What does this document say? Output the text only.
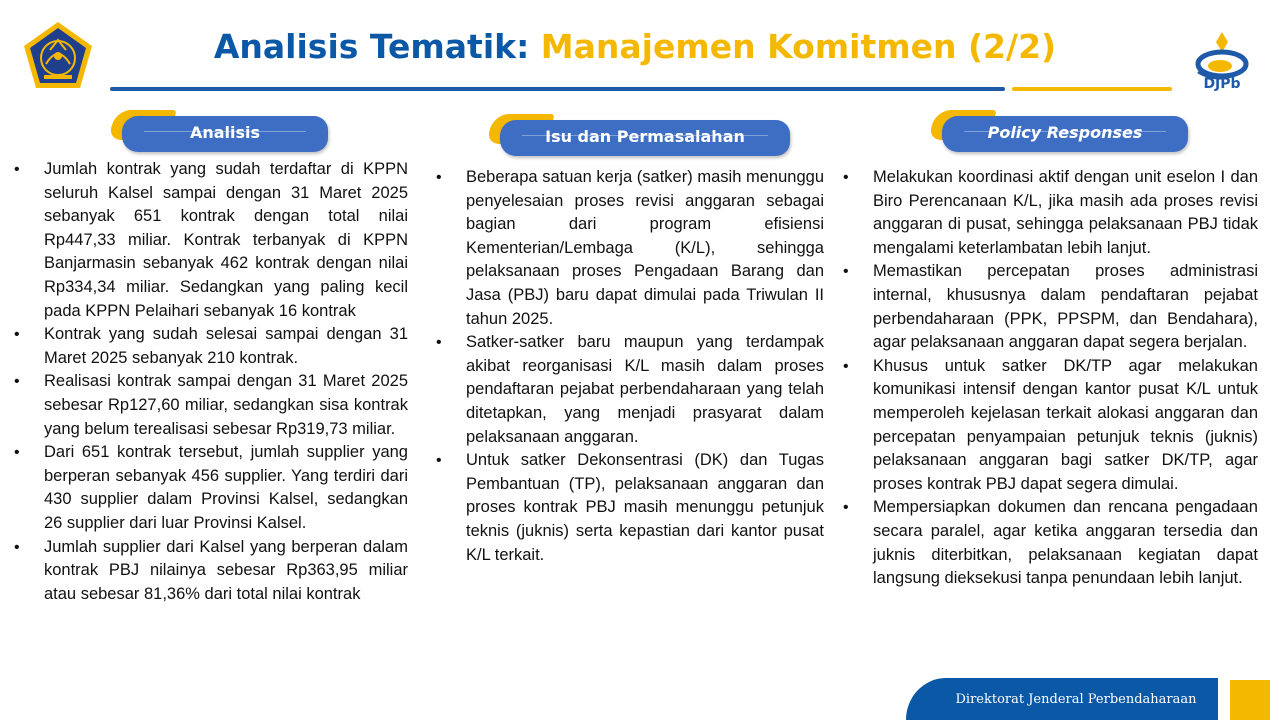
Analisis Tematik: Manajemen Komitmen (2/2)
DJPb
Analisis	Isu dan Permasalahan	Policy Responses
• Jumlah kontrak yang sudah terdaftar di KPPN seluruh Kalsel sampai dengan 31 Maret 2025 sebanyak 651 kontrak dengan total nilai Rp447,33 miliar. Kontrak terbanyak di KPPN Banjarmasin sebanyak 462 kontrak dengan nilai Rp334,34 miliar. Sedangkan yang paling kecil pada KPPN Pelaihari sebanyak 16 kontrak
• Kontrak yang sudah selesai sampai dengan 31 Maret 2025 sebanyak 210 kontrak.
• Realisasi kontrak sampai dengan 31 Maret 2025 sebesar Rp127,60 miliar, sedangkan sisa kontrak yang belum terealisasi sebesar Rp319,73 miliar.
• Dari 651 kontrak tersebut, jumlah supplier yang berperan sebanyak 456 supplier. Yang terdiri dari 430 supplier dalam Provinsi Kalsel, sedangkan 26 supplier dari luar Provinsi Kalsel.
• Jumlah supplier dari Kalsel yang berperan dalam kontrak PBJ nilainya sebesar Rp363,95 miliar atau sebesar 81,36% dari total nilai kontrak
• Beberapa satuan kerja (satker) masih menunggu penyelesaian proses revisi anggaran sebagai bagian dari program efisiensi Kementerian/Lembaga (K/L), sehingga pelaksanaan proses Pengadaan Barang dan Jasa (PBJ) baru dapat dimulai pada Triwulan II tahun 2025.
• Satker-satker baru maupun yang terdampak akibat reorganisasi K/L masih dalam proses pendaftaran pejabat perbendaharaan yang telah ditetapkan, yang menjadi prasyarat dalam pelaksanaan anggaran.
• Untuk satker Dekonsentrasi (DK) dan Tugas Pembantuan (TP), pelaksanaan anggaran dan proses kontrak PBJ masih menunggu petunjuk teknis (juknis) serta kepastian dari kantor pusat K/L terkait.
• Melakukan koordinasi aktif dengan unit eselon I dan Biro Perencanaan K/L, jika masih ada proses revisi anggaran di pusat, sehingga pelaksanaan PBJ tidak mengalami keterlambatan lebih lanjut.
• Memastikan percepatan proses administrasi internal, khususnya dalam pendaftaran pejabat perbendaharaan (PPK, PPSPM, dan Bendahara), agar pelaksanaan anggaran dapat segera berjalan.
• Khusus untuk satker DK/TP agar melakukan komunikasi intensif dengan kantor pusat K/L untuk memperoleh kejelasan terkait alokasi anggaran dan percepatan penyampaian petunjuk teknis (juknis) pelaksanaan anggaran bagi satker DK/TP, agar proses kontrak PBJ dapat segera dimulai.
• Mempersiapkan dokumen dan rencana pengadaan secara paralel, agar ketika anggaran tersedia dan juknis diterbitkan, pelaksanaan kegiatan dapat langsung dieksekusi tanpa penundaan lebih lanjut.
Direktorat Jenderal Perbendaharaan
